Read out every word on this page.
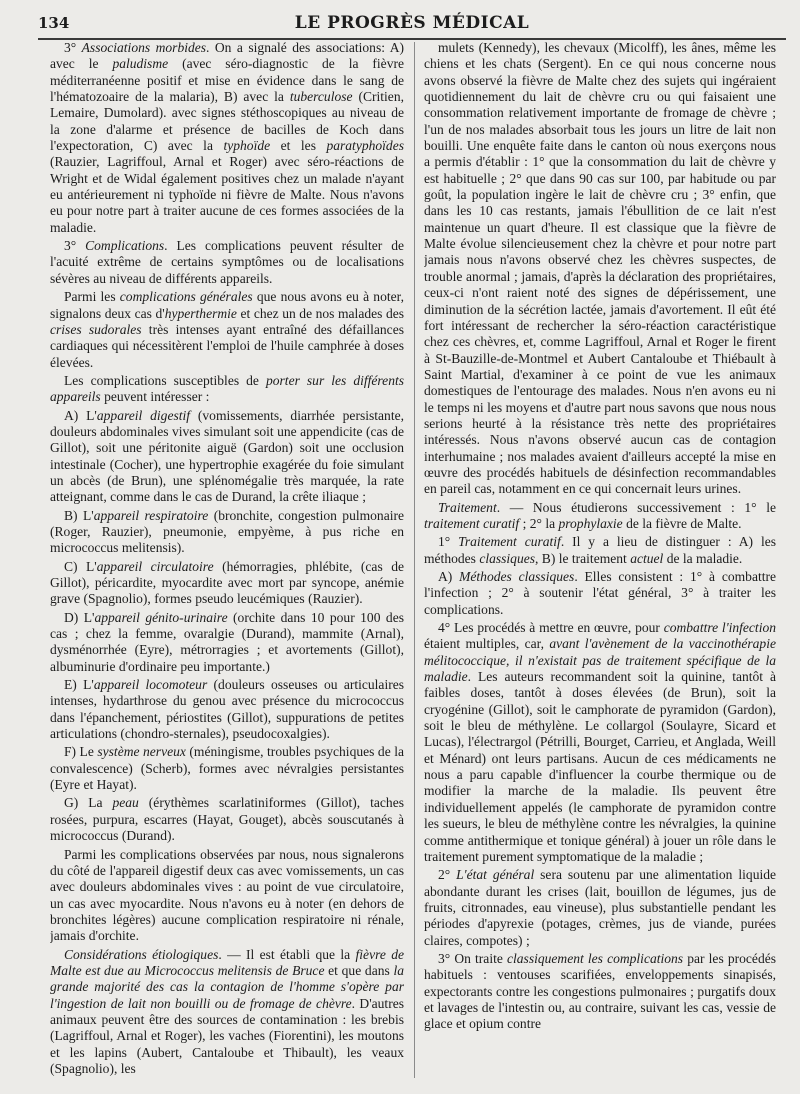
134	LE PROGRÈS MÉDICAL

3° Associations morbides. On a signalé des associations: A) avec le paludisme (avec séro-diagnostic de la fièvre méditerranéenne positif et mise en évidence dans le sang de l'hématozoaire de la malaria), B) avec la tuberculose (Critien, Lemaire, Dumolard). avec signes stéthoscopiques au niveau de la zone d'alarme et présence de bacilles de Koch dans l'expectoration, C) avec la typhoïde et les paratyphoïdes (Rauzier, Lagriffoul, Arnal et Roger) avec séro-réactions de Wright et de Widal également positives chez un malade n'ayant eu antérieurement ni typhoïde ni fièvre de Malte. Nous n'avons eu pour notre part à traiter aucune de ces formes associées de la maladie.

3° Complications. Les complications peuvent résulter de l'acuité extrême de certains symptômes ou de localisations sévères au niveau de différents appareils.

Parmi les complications générales que nous avons eu à noter, signalons deux cas d'hyperthermie et chez un de nos malades des crises sudorales très intenses ayant entraîné des défaillances cardiaques qui nécessitèrent l'emploi de l'huile camphrée à doses élevées.

Les complications susceptibles de porter sur les différents appareils peuvent intéresser :

A) L'appareil digestif (vomissements, diarrhée persistante, douleurs abdominales vives simulant soit une appendicite (cas de Gillot), soit une péritonite aiguë (Gardon) soit une occlusion intestinale (Cocher), une hypertrophie exagérée du foie simulant un abcès (de Brun), une splénomégalie très marquée, la rate atteignant, comme dans le cas de Durand, la crête iliaque ;

B) L'appareil respiratoire (bronchite, congestion pulmonaire (Roger, Rauzier), pneumonie, empyème, à pus riche en micrococcus melitensis).

C) L'appareil circulatoire (hémorragies, phlébite, (cas de Gillot), péricardite, myocardite avec mort par syncope, anémie grave (Spagnolio), formes pseudo leucémiques (Rauzier).

D) L'appareil génito-urinaire (orchite dans 10 pour 100 des cas ; chez la femme, ovaralgie (Durand), mammite (Arnal), dysménorrhée (Eyre), métrorragies ; et avortements (Gillot), albuminurie d'ordinaire peu importante.)

E) L'appareil locomoteur (douleurs osseuses ou articulaires intenses, hydarthrose du genou avec présence du micrococcus dans l'épanchement, périostites (Gillot), suppurations de petites articulations (chondro-sternales), pseudocoxalgies).

F) Le système nerveux (méningisme, troubles psychiques de la convalescence) (Scherb), formes avec névralgies persistantes (Eyre et Hayat).

G) La peau (érythèmes scarlatiniformes (Gillot), taches rosées, purpura, escarres (Hayat, Gouget), abcès souscutanés à micrococcus (Durand).

Parmi les complications observées par nous, nous signalerons du côté de l'appareil digestif deux cas avec vomissements, un cas avec douleurs abdominales vives : au point de vue circulatoire, un cas avec myocardite. Nous n'avons eu à noter (en dehors de bronchites légères) aucune complication respiratoire ni rénale, jamais d'orchite.

Considérations étiologiques. — Il est établi que la fièvre de Malte est due au Micrococcus melitensis de Bruce et que dans la grande majorité des cas la contagion de l'homme s'opère par l'ingestion de lait non bouilli ou de fromage de chèvre. D'autres animaux peuvent être des sources de contamination : les brebis (Lagriffoul, Arnal et Roger), les vaches (Fiorentini), les moutons et les lapins (Aubert, Cantaloube et Thibault), les veaux (Spagnolio), les

mulets (Kennedy), les chevaux (Micolff), les ânes, même les chiens et les chats (Sergent). En ce qui nous concerne nous avons observé la fièvre de Malte chez des sujets qui ingéraient quotidiennement du lait de chèvre cru ou qui faisaient une consommation relativement importante de fromage de chèvre ; l'un de nos malades absorbait tous les jours un litre de lait non bouilli. Une enquête faite dans le canton où nous exerçons nous a permis d'établir : 1° que la consommation du lait de chèvre y est habituelle ; 2° que dans 90 cas sur 100, par habitude ou par goût, la population ingère le lait de chèvre cru ; 3° enfin, que dans les 10 cas restants, jamais l'ébullition de ce lait n'est maintenue un quart d'heure. Il est classique que la fièvre de Malte évolue silencieusement chez la chèvre et pour notre part jamais nous n'avons observé chez les chèvres suspectes, de trouble anormal ; jamais, d'après la déclaration des propriétaires, ceux-ci n'ont raient noté des signes de dépérissement, une diminution de la sécrétion lactée, jamais d'avortement. Il eût été fort intéressant de rechercher la séro-réaction caractéristique chez ces chèvres, et, comme Lagriffoul, Arnal et Roger le firent à St-Bauzille-de-Montmel et Aubert Cantaloube et Thiébault à Saint Martial, d'examiner à ce point de vue les animaux domestiques de l'entourage des malades. Nous n'en avons eu ni le temps ni les moyens et d'autre part nous savons que nous nous serions heurté à la résistance très nette des propriétaires intéressés. Nous n'avons observé aucun cas de contagion interhumaine ; nos malades avaient d'ailleurs accepté la mise en œuvre des procédés habituels de désinfection recommandables en pareil cas, notamment en ce qui concernait leurs urines.

Traitement. — Nous étudierons successivement : 1° le traitement curatif ; 2° la prophylaxie de la fièvre de Malte.

1° Traitement curatif. Il y a lieu de distinguer : A) les méthodes classiques, B) le traitement actuel de la maladie.

A) Méthodes classiques. Elles consistent : 1° à combattre l'infection ; 2° à soutenir l'état général, 3° à traiter les complications.

4° Les procédés à mettre en œuvre, pour combattre l'infection étaient multiples, car, avant l'avènement de la vaccinothérapie mélitococcique, il n'existait pas de traitement spécifique de la maladie. Les auteurs recommandent soit la quinine, tantôt à faibles doses, tantôt à doses élevées (de Brun), soit la cryogénine (Gillot), soit le camphorate de pyramidon (Gardon), soit le bleu de méthylène. Le collargol (Soulayre, Sicard et Lucas), l'électrargol (Pétrilli, Bourget, Carrieu, et Anglada, Weill et Ménard) ont leurs partisans. Aucun de ces médicaments ne nous a paru capable d'influencer la courbe thermique ou de modifier la marche de la maladie. Ils peuvent être individuellement appelés (le camphorate de pyramidon contre les sueurs, le bleu de méthylène contre les névralgies, la quinine comme antithermique et tonique général) à jouer un rôle dans le traitement purement symptomatique de la maladie ;

2° L'état général sera soutenu par une alimentation liquide abondante durant les crises (lait, bouillon de légumes, jus de fruits, citronnades, eau vineuse), plus substantielle pendant les périodes d'apyrexie (potages, crèmes, jus de viande, purées claires, compotes) ;

3° On traite classiquement les complications par les procédés habituels : ventouses scarifiées, enveloppements sinapisés, expectorants contre les congestions pulmonaires ; purgatifs doux et lavages de l'intestin ou, au contraire, suivant les cas, vessie de glace et opium contre
